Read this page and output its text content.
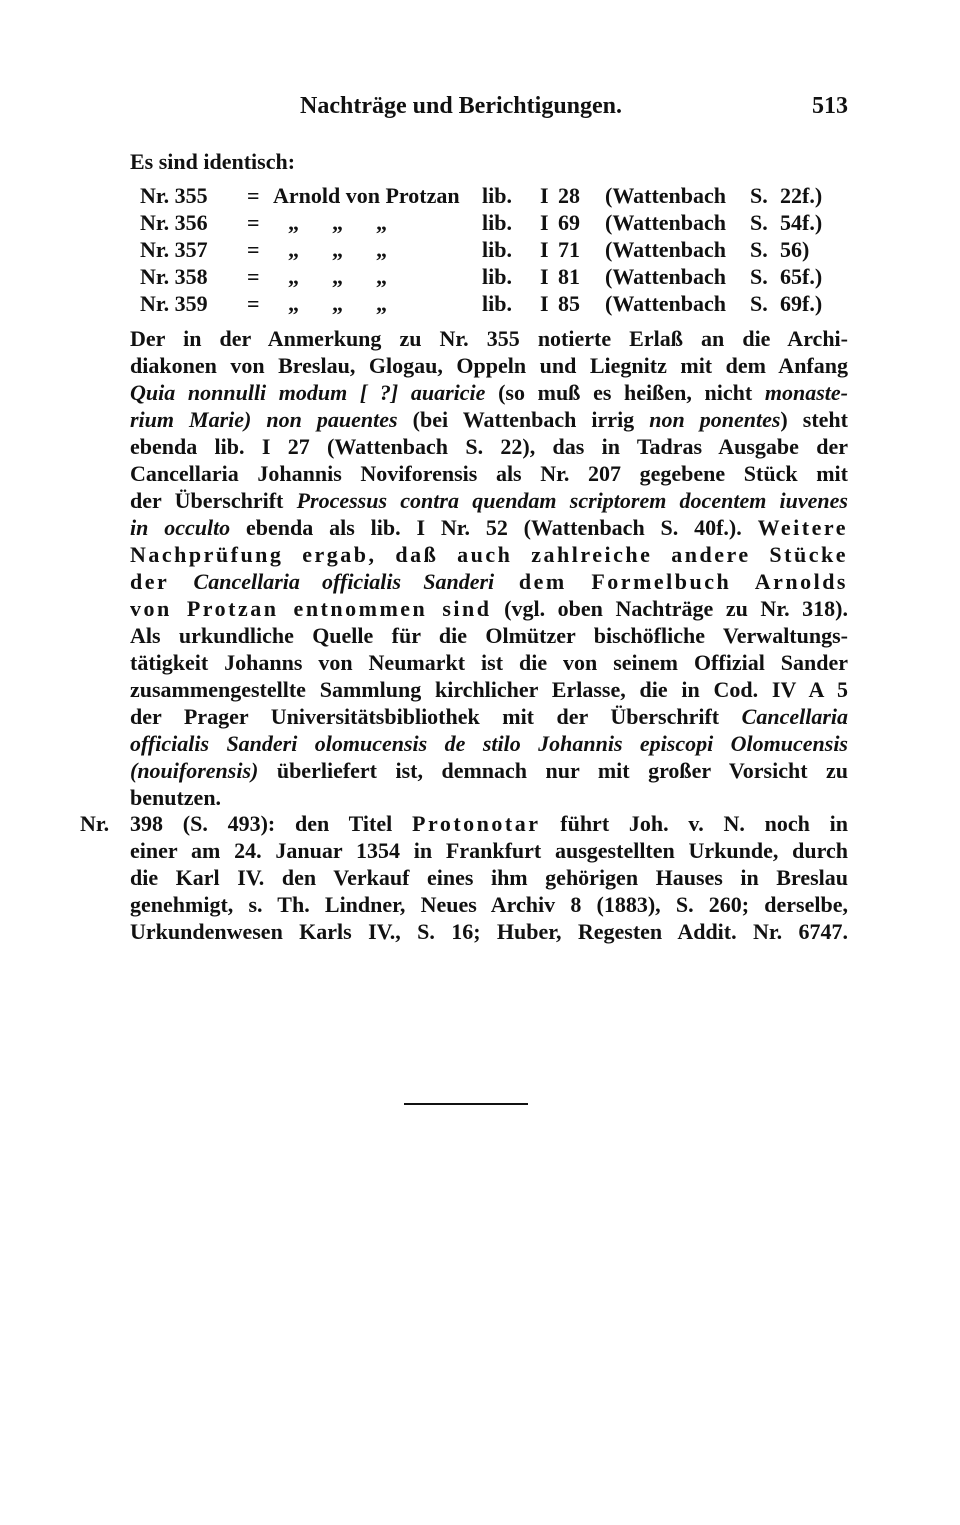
Nachträge und Berichtigungen.	513
Es sind identisch:
Nr. 355 = Arnold von Protzan lib. I 28 (Wattenbach S. 22f.)
Nr. 356 = „      „      „	lib. I 69 (Wattenbach S. 54f.)
Nr. 357 = „      „      „	lib. I 71 (Wattenbach S. 56)
Nr. 358 = „      „      „	lib. I 81 (Wattenbach S. 65f.)
Nr. 359 = „      „      „	lib. I 85 (Wattenbach S. 69f.)
Der in der Anmerkung zu Nr. 355 notierte Erlaß an die Archi-
diakonen von Breslau, Glogau, Oppeln und Liegnitz mit dem Anfang
Quia nonnulli modum [ ?] auaricie (so muß es heißen, nicht monaste-
rium Marie) non pauentes (bei Wattenbach irrig non ponentes) steht
ebenda lib. I 27 (Wattenbach S. 22), das in Tadras Ausgabe der
Cancellaria Johannis Noviforensis als Nr. 207 gegebene Stück mit
der Überschrift Processus contra quendam scriptorem docentem iuvenes
in occulto ebenda als lib. I Nr. 52 (Wattenbach S. 40f.). Weitere
Nachprüfung ergab, daß auch zahlreiche andere Stücke
der Cancellaria officialis Sanderi dem Formelbuch Arnolds
von Protzan entnommen sind (vgl. oben Nachträge zu Nr. 318).
Als urkundliche Quelle für die Olmützer bischöfliche Verwaltungs-
tätigkeit Johanns von Neumarkt ist die von seinem Offizial Sander
zusammengestellte Sammlung kirchlicher Erlasse, die in Cod. IV A 5
der Prager Universitätsbibliothek mit der Überschrift Cancellaria
officialis Sanderi olomucensis de stilo Johannis episcopi Olomucensis
(nouiforensis) überliefert ist, demnach nur mit großer Vorsicht zu
benutzen.
Nr. 398 (S. 493): den Titel Protonotar führt Joh. v. N. noch in
einer am 24. Januar 1354 in Frankfurt ausgestellten Urkunde, durch
die Karl IV. den Verkauf eines ihm gehörigen Hauses in Breslau
genehmigt, s. Th. Lindner, Neues Archiv 8 (1883), S. 260; derselbe,
Urkundenwesen Karls IV., S. 16; Huber, Regesten Addit. Nr. 6747.
